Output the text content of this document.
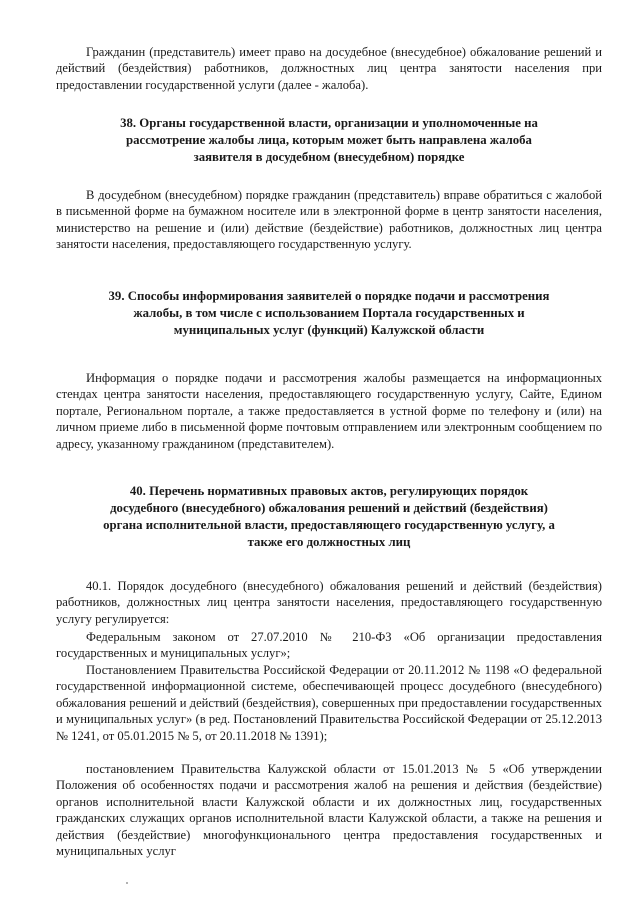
Гражданин (представитель) имеет право на досудебное (внесудебное) обжалование решений и действий (бездействия) работников, должностных лиц центра занятости населения при предоставлении государственной услуги (далее - жалоба).

38. Органы государственной власти, организации и уполномоченные на рассмотрение жалобы лица, которым может быть направлена жалоба заявителя в досудебном (внесудебном) порядке

В досудебном (внесудебном) порядке гражданин (представитель) вправе обратиться с жалобой в письменной форме на бумажном носителе или в электронной форме в центр занятости населения, министерство на решение и (или) действие (бездействие) работников, должностных лиц центра занятости населения, предоставляющего государственную услугу.

39. Способы информирования заявителей о порядке подачи и рассмотрения жалобы, в том числе с использованием Портала государственных и муниципальных услуг (функций) Калужской области

Информация о порядке подачи и рассмотрения жалобы размещается на информационных стендах центра занятости населения, предоставляющего государственную услугу, Сайте, Едином портале, Региональном портале, а также предоставляется в устной форме по телефону и (или) на личном приеме либо в письменной форме почтовым отправлением или электронным сообщением по адресу, указанному гражданином (представителем).

40. Перечень нормативных правовых актов, регулирующих порядок досудебного (внесудебного) обжалования решений и действий (бездействия) органа исполнительной власти, предоставляющего государственную услугу, а также его должностных лиц

40.1. Порядок досудебного (внесудебного) обжалования решений и действий (бездействия) работников, должностных лиц центра занятости населения, предоставляющего государственную услугу регулируется:

Федеральным законом от 27.07.2010 № 210-ФЗ «Об организации предоставления государственных и муниципальных услуг»;

Постановлением Правительства Российской Федерации от 20.11.2012 № 1198 «О федеральной государственной информационной системе, обеспечивающей процесс досудебного (внесудебного) обжалования решений и действий (бездействия), совершенных при предоставлении государственных и муниципальных услуг» (в ред. Постановлений Правительства Российской Федерации от 25.12.2013 № 1241, от 05.01.2015 № 5, от 20.11.2018 № 1391);

постановлением Правительства Калужской области от 15.01.2013 № 5 «Об утверждении Положения об особенностях подачи и рассмотрения жалоб на решения и действия (бездействие) органов исполнительной власти Калужской области и их должностных лиц, государственных гражданских служащих органов исполнительной власти Калужской области, а также на решения и действия (бездействие) многофункционального центра предоставления государственных и муниципальных услуг
